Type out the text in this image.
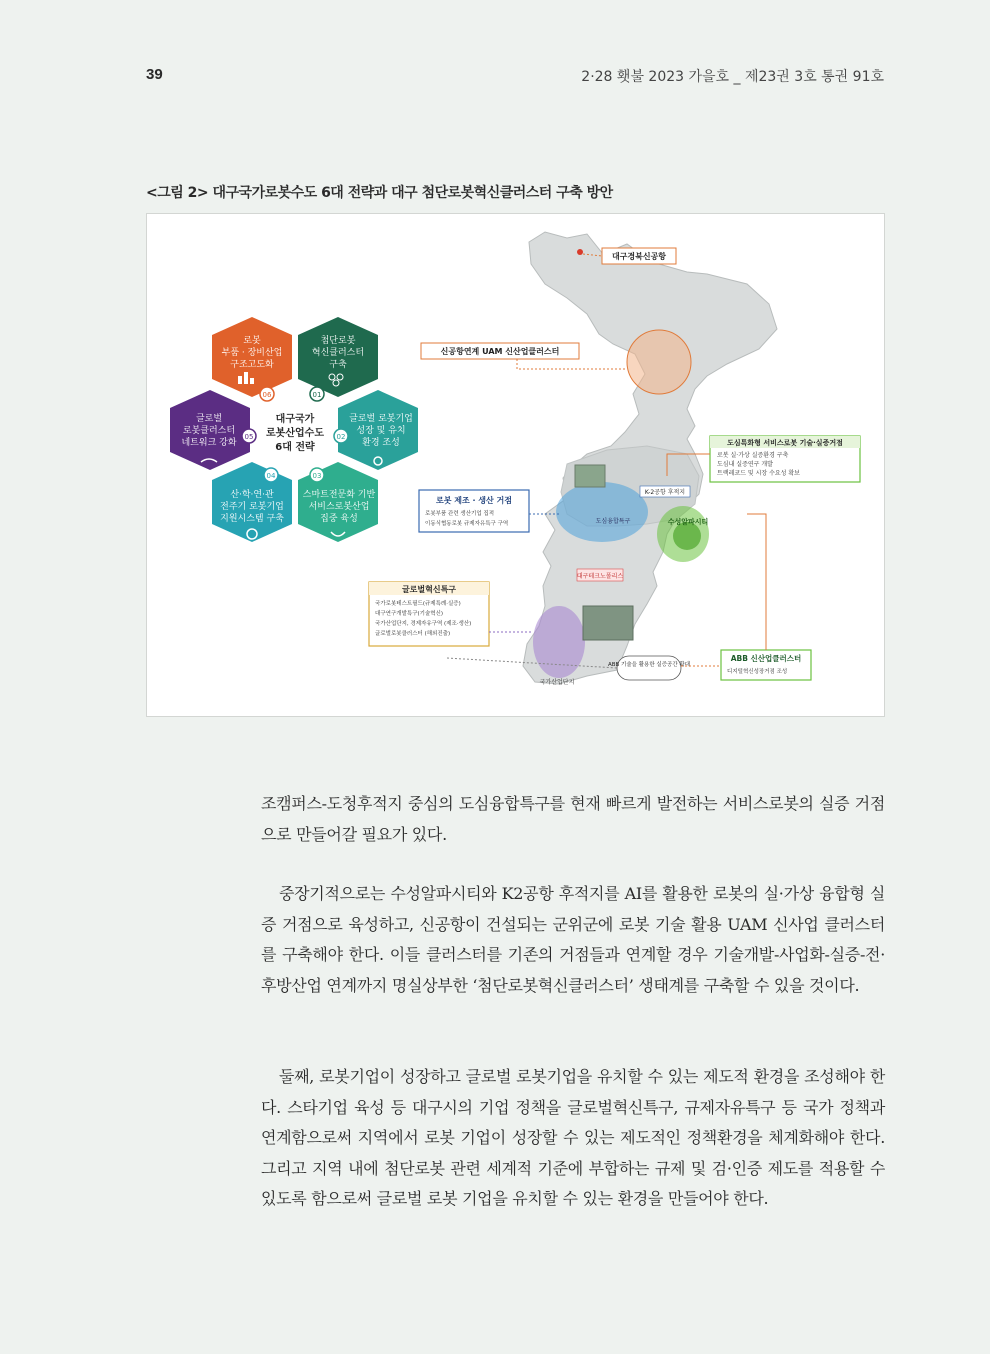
39	2·28 횃불 2023 가을호 _ 제23권 3호 통권 91호
<그림 2> 대구국가로봇수도 6대 전략과 대구 첨단로봇혁신클러스터 구축 방안
로봇
부품 · 장비산업
구조고도화
06
첨단로봇
혁신클러스터
구축
01
글로벌
로봇클러스터
네트워크 강화
05
대구국가
로봇산업수도
6대 전략
글로벌 로봇기업
성장 및 유치
환경 조성
02
산·학·연·관
전주기 로봇기업
지원시스템 구축
04
스마트전문화 기반
서비스로봇산업
집중 육성
03
K-2공항 후적지
도심융합특구	수성알파시티
대구테크노폴리스
국가산업단지
대구경북신공항
신공항연계 UAM 신산업클러스터
도심특화형 서비스로봇 기술·실증거점
로봇 실·가상 실증환경 구축
도심내 실증연구 개발
트랙레코드 및 시장 수요성 확보
로봇 제조 · 생산 거점
로봇부품 관련 생산기업 집적
이동식협동로봇 규제자유특구 구역
글로벌혁신특구
국가로봇테스트필드(규제특례·실증)
대구연구개발특구(기술혁신)
국가산업단지, 경제자유구역 (제조·생산)
글로벌로봇클러스터 (해외진출)
ABB 기술을 활용한 실증공간 확대
ABB 신산업클러스터
디지털혁신성장거점 조성

조캠퍼스-도청후적지 중심의 도심융합특구를 현재 빠르게 발전하는 서비스로봇의 실증 거점으로 만들어갈 필요가 있다.

중장기적으로는 수성알파시티와 K2공항 후적지를 AI를 활용한 로봇의 실·가상 융합형 실증 거점으로 육성하고, 신공항이 건설되는 군위군에 로봇 기술 활용 UAM 신사업 클러스터를 구축해야 한다. 이들 클러스터를 기존의 거점들과 연계할 경우 기술개발-사업화-실증-전·후방산업 연계까지 명실상부한 ‘첨단로봇혁신클러스터’ 생태계를 구축할 수 있을 것이다.

둘째, 로봇기업이 성장하고 글로벌 로봇기업을 유치할 수 있는 제도적 환경을 조성해야 한다. 스타기업 육성 등 대구시의 기업 정책을 글로벌혁신특구, 규제자유특구 등 국가 정책과 연계함으로써 지역에서 로봇 기업이 성장할 수 있는 제도적인 정책환경을 체계화해야 한다. 그리고 지역 내에 첨단로봇 관련 세계적 기준에 부합하는 규제 및 검·인증 제도를 적용할 수 있도록 함으로써 글로벌 로봇 기업을 유치할 수 있는 환경을 만들어야 한다.
